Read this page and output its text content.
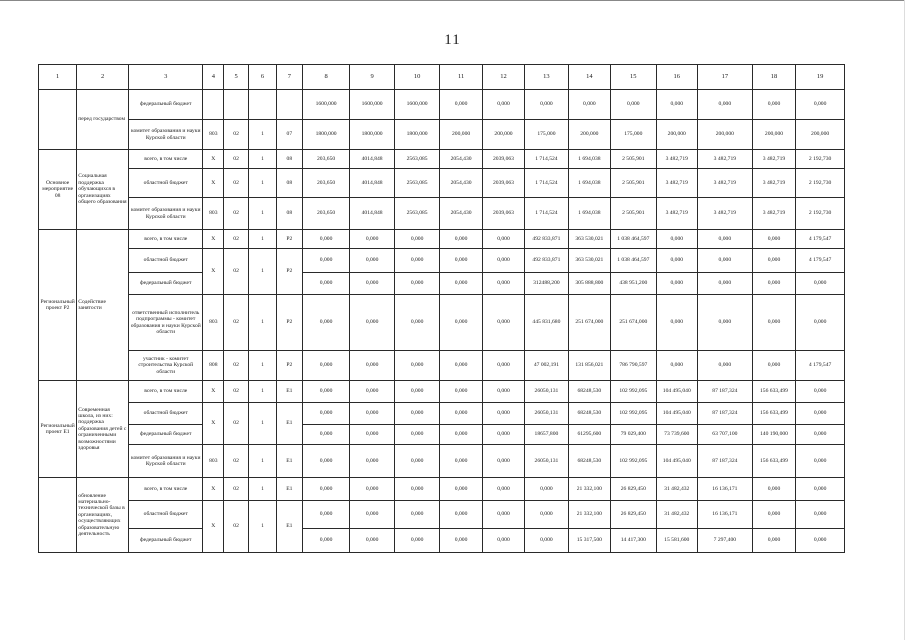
11
1	2	3	4	5	6	7	8	9	10	11	12	13	14	15	16	17	18	19
	перед государством	федеральный бюджет					1600,000	1600,000	1600,000	0,000	0,000	0,000	0,000	0,000	0,000	0,000	0,000	0,000
		комитет образования и науки Курской области	803	02	1	07	1800,000	1800,000	1800,000	200,000	200,000	175,000	200,000	175,000	200,000	200,000	200,000	200,000
Основное мероприятие 08	Социальная поддержка обучающихся в организациях общего образования	всего, в том числе	X	02	1	08	203,650	4014,848	2563,085	2054,430	2039,063	1 714,524	1 694,038	2 505,901	3 482,719	3 482,719	3 482,719	2 192,730
		областной бюджет	X	02	1	08	203,650	4014,848	2563,085	2054,430	2039,063	1 714,524	1 694,038	2 505,901	3 482,719	3 482,719	3 482,719	2 192,730
		комитет образования и науки Курской области	803	02	1	08	203,650	4014,848	2563,085	2054,430	2039,063	1 714,524	1 694,038	2 505,901	3 482,719	3 482,719	3 482,719	2 192,730
Региональный проект Р2	Содействие занятости	всего, в том числе	X	02	1	P2	0,000	0,000	0,000	0,000	0,000	492 833,871	363 530,021	1 038 464,597	0,000	0,000	0,000	4 179,547
		областной бюджет	X	02	1	P2	0,000	0,000	0,000	0,000	0,000	492 833,871	363 530,021	1 038 464,597	0,000	0,000	0,000	4 179,547
		федеральный бюджет					0,000	0,000	0,000	0,000	0,000	312488,200	305 888,800	438 951,200	0,000	0,000	0,000	0,000
		ответственный исполнитель подпрограммы - комитет образования и науки Курской области	803	02	1	P2	0,000	0,000	0,000	0,000	0,000	445 831,680	251 674,000	251 674,000	0,000	0,000	0,000	0,000
		участник - комитет строительства Курской области	808	02	1	P2	0,000	0,000	0,000	0,000	0,000	47 002,191	131 856,021	786 790,597	0,000	0,000	0,000	4 179,547
Региональный проект Е1	Современная школа, из них: поддержка образования детей с ограниченными возможностями здоровья	всего, в том числе	X	02	1	E1	0,000	0,000	0,000	0,000	0,000	26050,131	68248,530	102 992,095	104 495,040	87 187,324	156 633,499	0,000
		областной бюджет	X	02	1	E1	0,000	0,000	0,000	0,000	0,000	26050,131	68248,530	102 992,095	104 495,040	87 187,324	156 633,499	0,000
		федеральный бюджет					0,000	0,000	0,000	0,000	0,000	18657,800	61295,600	79 029,400	73 739,600	63 707,100	140 190,000	0,000
		комитет образования и науки Курской области	803	02	1	E1	0,000	0,000	0,000	0,000	0,000	26050,131	68248,530	102 992,095	104 495,040	87 187,324	156 633,499	0,000
	обновление материально-технической базы в организациях, осуществляющих образовательную деятельность	всего, в том числе	X	02	1	E1	0,000	0,000	0,000	0,000	0,000	0,000	21 332,100	26 829,450	31 482,432	16 136,171	0,000	0,000
		областной бюджет	X	02	1	E1	0,000	0,000	0,000	0,000	0,000	0,000	21 332,100	26 829,450	31 482,432	16 136,171	0,000	0,000
		федеральный бюджет					0,000	0,000	0,000	0,000	0,000	0,000	15 317,500	14 417,300	15 581,600	7 297,400	0,000	0,000
